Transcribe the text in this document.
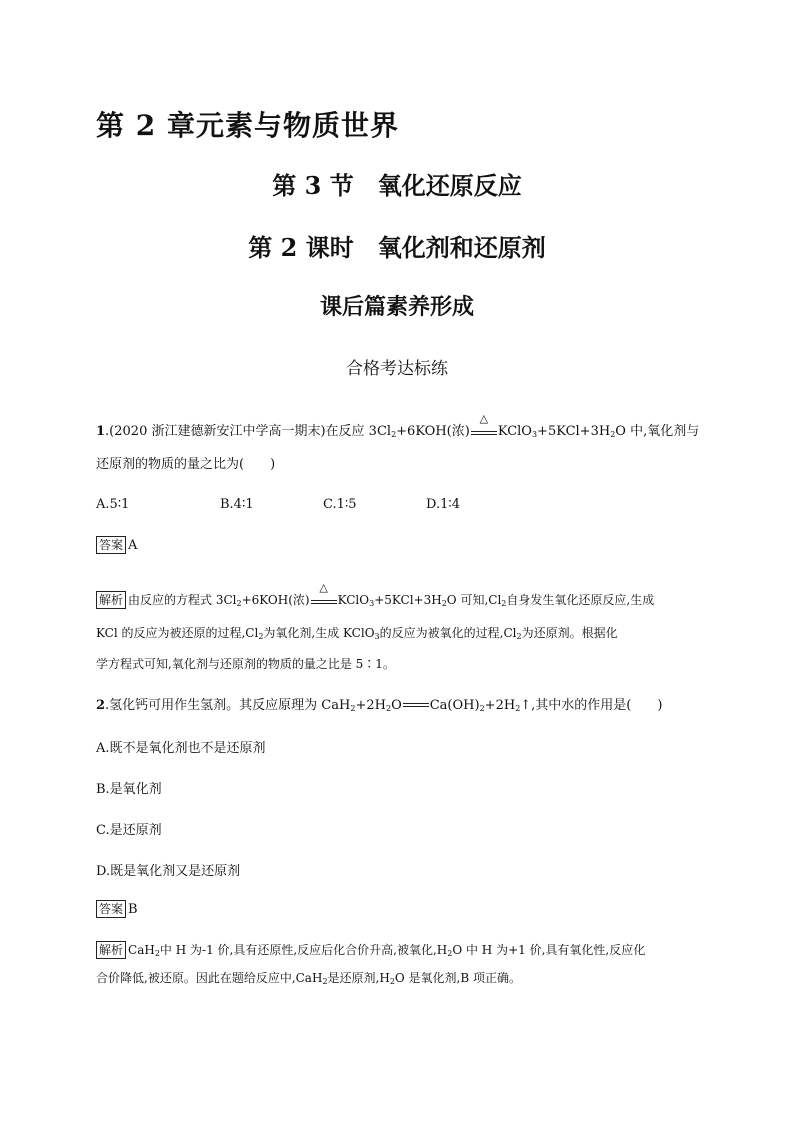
第 2 章元素与物质世界
第 3 节　氧化还原反应
第 2 课时　氧化剂和还原剂
课后篇素养形成
合格考达标练
1.(2020 浙江建德新安江中学高一期末)在反应 $3Cl_2+6KOH$(浓)
△
$KClO_3+5KCl+3H_2O$ 中,氧化剂与
还原剂的物质的量之比为(　　)
A.5∶1	B.4∶1	C.1∶5	D.1∶4
答案 A
解析 由反应的方程式 $3Cl_2+6KOH$(浓)
△
$KClO_3+5KCl+3H_2O$ 可知$,Cl_2$自身发生氧化还原反应,生成
KCl 的反应为被还原的过程$,Cl_2$为氧化剂,生成 KClO$_3$的反应为被氧化的过程$,Cl_2$为还原剂。根据化
学方程式可知,氧化剂与还原剂的物质的量之比是 5∶1。
2.氢化钙可用作生氢剂。其反应原理为 $CaH_2+2H_2O$ $Ca(OH)_2+2H_2↑$,其中水的作用是(　　)
A.既不是氧化剂也不是还原剂
B.是氧化剂
C.是还原剂
D.既是氧化剂又是还原剂
答案 B
解析 CaH$_2$中 H 为-1 价,具有还原性,反应后化合价升高,被氧化$,H_2O$ 中 H 为+1 价,具有氧化性,反应化
合价降低,被还原。因此在题给反应中,CaH$_2$是还原剂$,H_2O$ 是氧化剂,B 项正确。
